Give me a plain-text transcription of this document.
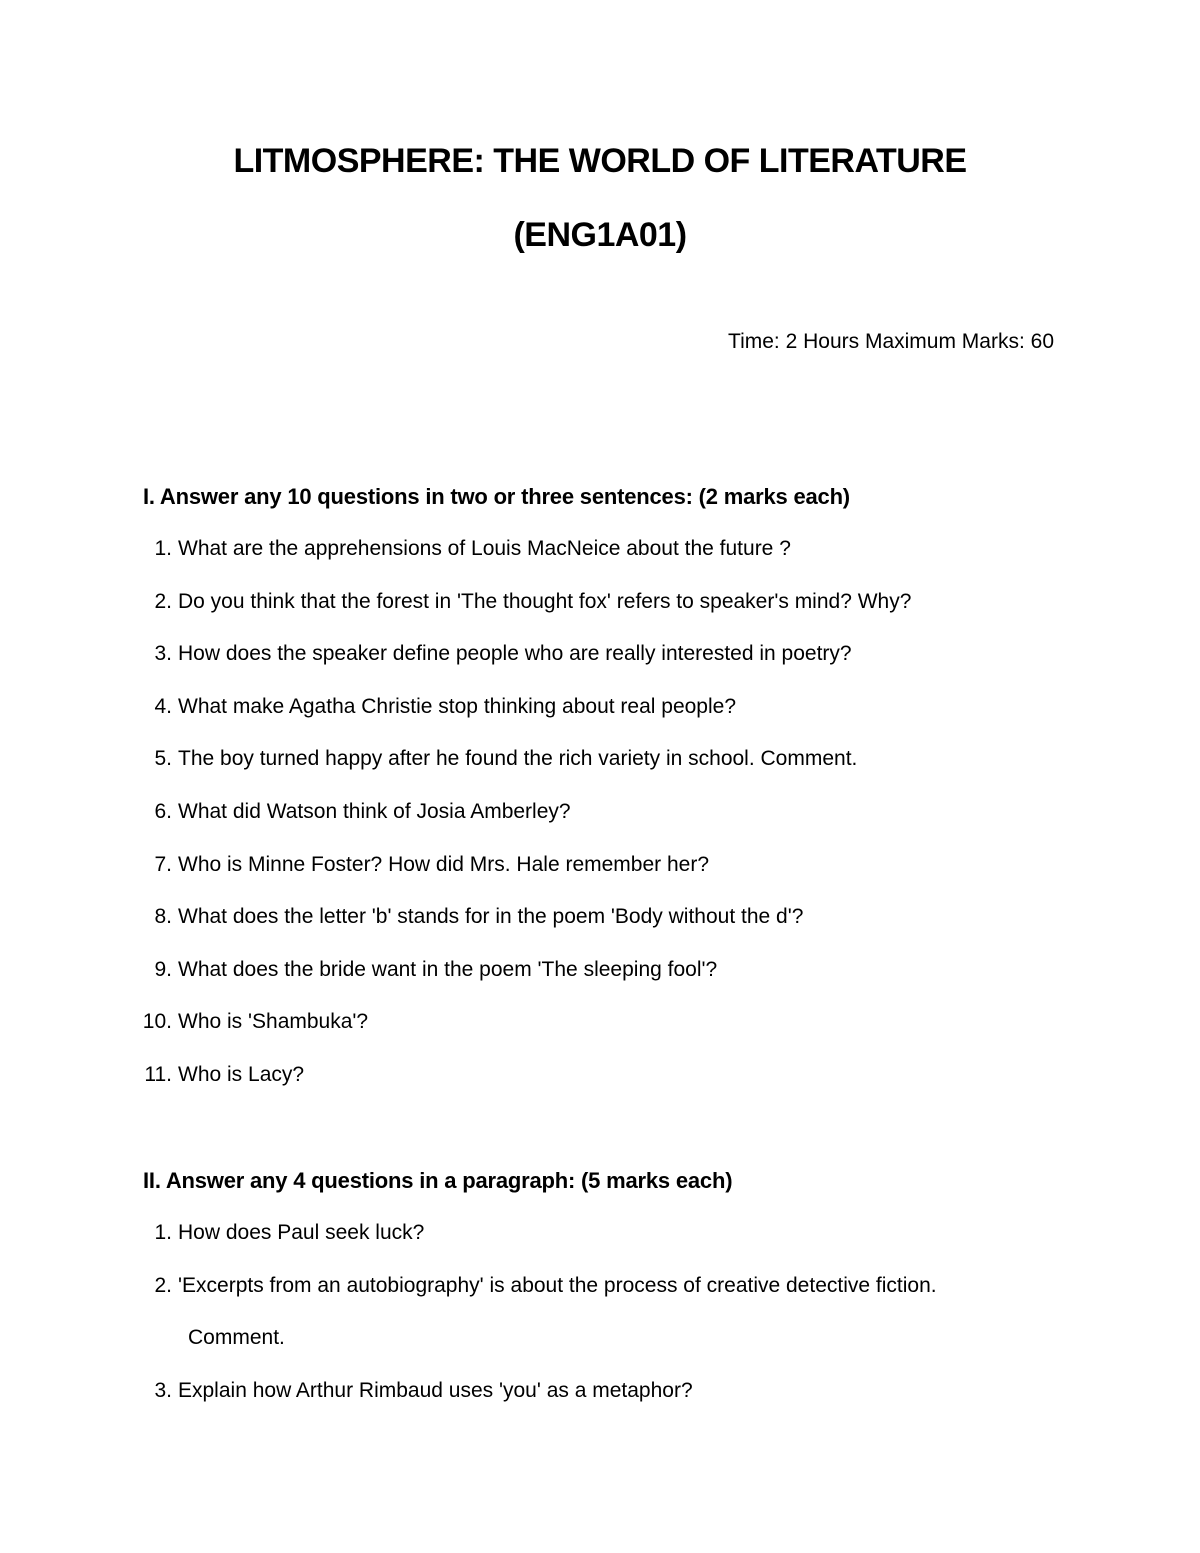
LITMOSPHERE: THE WORLD OF LITERATURE
(ENG1A01)

Time: 2 Hours Maximum Marks: 60

I. Answer any 10 questions in two or three sentences: (2 marks each)
1. What are the apprehensions of Louis MacNeice about the future ?
2. Do you think that the forest in 'The thought fox' refers to speaker's mind? Why?
3. How does the speaker define people who are really interested in poetry?
4. What make Agatha Christie stop thinking about real people?
5. The boy turned happy after he found the rich variety in school. Comment.
6. What did Watson think of Josia Amberley?
7. Who is Minne Foster? How did Mrs. Hale remember her?
8. What does the letter 'b' stands for in the poem 'Body without the d'?
9. What does the bride want in the poem 'The sleeping fool'?
10. Who is 'Shambuka'?
11. Who is Lacy?
II. Answer any 4 questions in a paragraph: (5 marks each)
1. How does Paul seek luck?
2. 'Excerpts from an autobiography' is about the process of creative detective fiction.
Comment.
3. Explain how Arthur Rimbaud uses 'you' as a metaphor?
